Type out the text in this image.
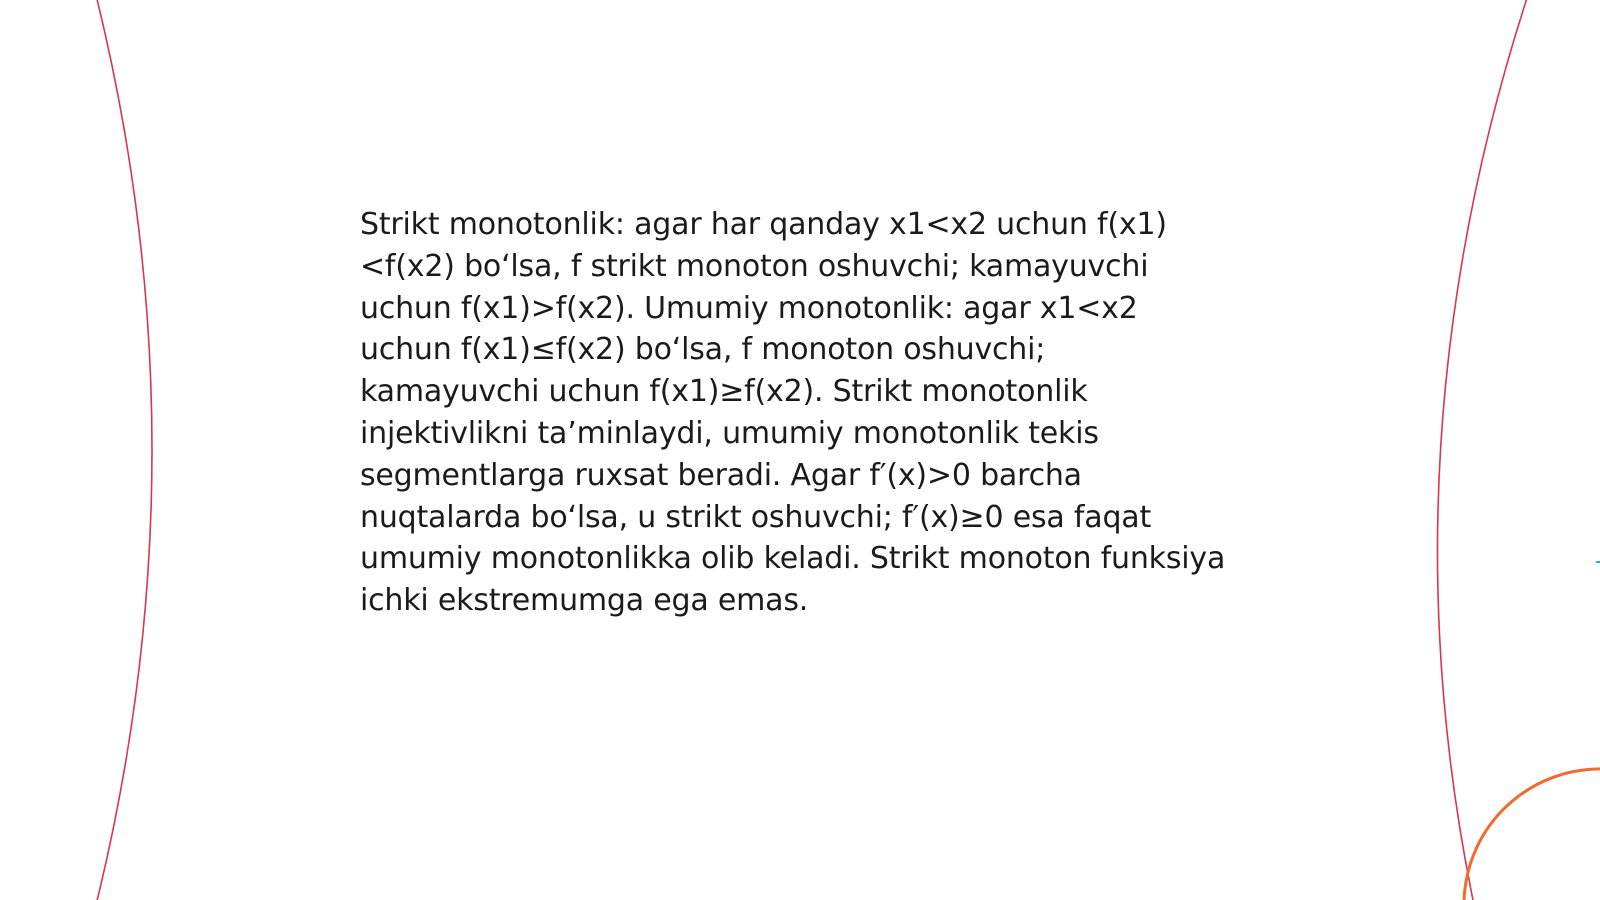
Strikt monotonlik: agar har qanday x1<x2 uchun f(x1)<f(x2) bo‘lsa, f strikt monoton oshuvchi; kamayuvchi uchun f(x1)>f(x2). Umumiy monotonlik: agar x1<x2 uchun f(x1)≤f(x2) bo‘lsa, f monoton oshuvchi; kamayuvchi uchun f(x1)≥f(x2). Strikt monotonlik injektivlikni ta’minlaydi, umumiy monotonlik tekis segmentlarga ruxsat beradi. Agar f′(x)>0 barcha nuqtalarda bo‘lsa, u strikt oshuvchi; f′(x)≥0 esa faqat umumiy monotonlikka olib keladi. Strikt monoton funksiya ichki ekstremumga ega emas.
